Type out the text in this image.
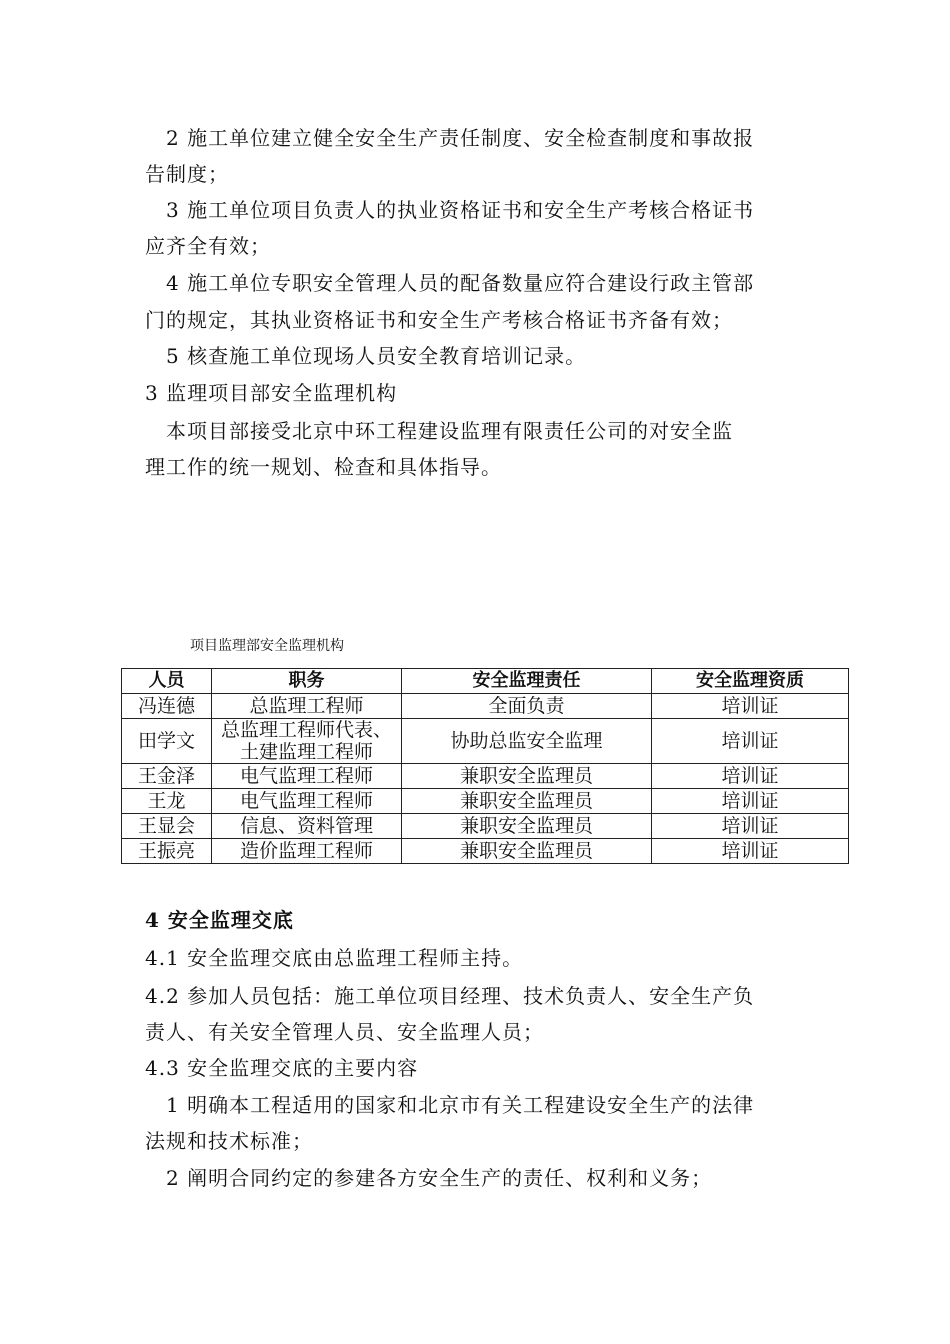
　2 施工单位建立健全安全生产责任制度、安全检查制度和事故报
告制度；
　3 施工单位项目负责人的执业资格证书和安全生产考核合格证书
应齐全有效；
　4 施工单位专职安全管理人员的配备数量应符合建设行政主管部
门的规定，其执业资格证书和安全生产考核合格证书齐备有效；
　5 核查施工单位现场人员安全教育培训记录。
3 监理项目部安全监理机构
　本项目部接受北京中环工程建设监理有限责任公司的对安全监
理工作的统一规划、检查和具体指导。
项目监理部安全监理机构
人员	职务	安全监理责任	安全监理资质
冯连德	总监理工程师	全面负责	培训证
田学文	总监理工程师代表、
土建监理工程师	协助总监安全监理	培训证
王金泽	电气监理工程师	兼职安全监理员	培训证
王龙	电气监理工程师	兼职安全监理员	培训证
王显会	信息、资料管理	兼职安全监理员	培训证
王振亮	造价监理工程师	兼职安全监理员	培训证
4 安全监理交底
4.1 安全监理交底由总监理工程师主持。
4.2 参加人员包括：施工单位项目经理、技术负责人、安全生产负
责人、有关安全管理人员、安全监理人员；
4.3 安全监理交底的主要内容
　1 明确本工程适用的国家和北京市有关工程建设安全生产的法律
法规和技术标准；
　2 阐明合同约定的参建各方安全生产的责任、权利和义务；
